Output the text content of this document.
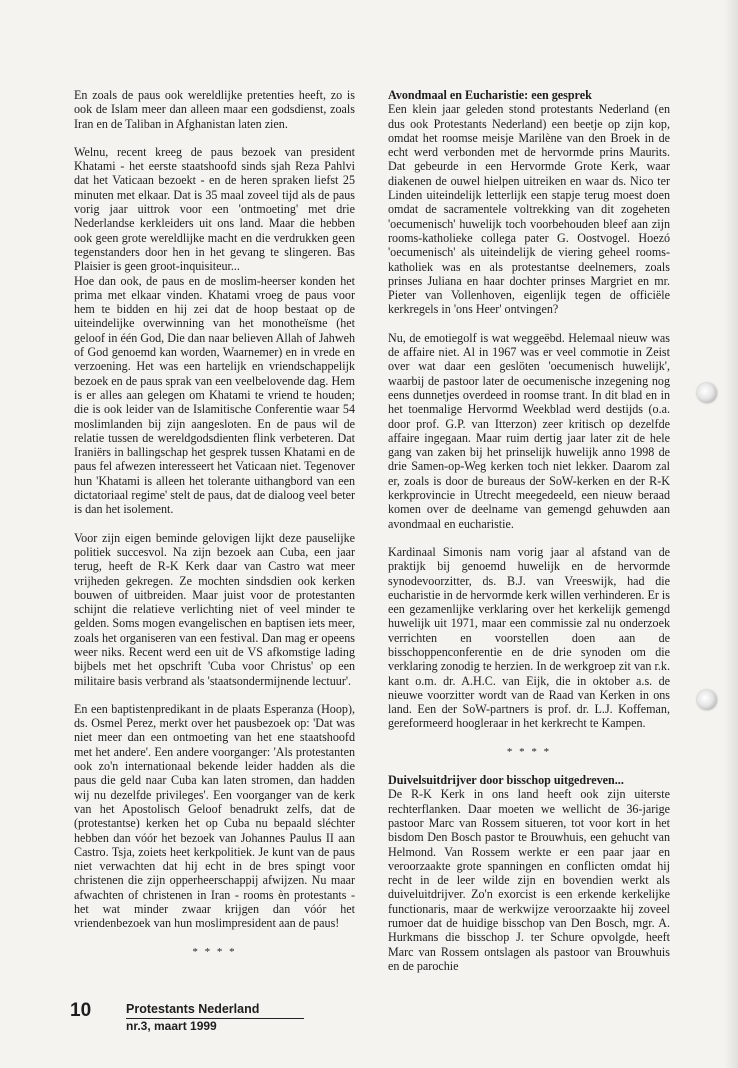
En zoals de paus ook wereldlijke pretenties heeft, zo is ook de Islam meer dan alleen maar een godsdienst, zoals Iran en de Taliban in Afghanistan laten zien.

Welnu, recent kreeg de paus bezoek van president Khatami - het eerste staatshoofd sinds sjah Reza Pahlvi dat het Vaticaan bezoekt - en de heren spraken liefst 25 minuten met elkaar. Dat is 35 maal zoveel tijd als de paus vorig jaar uittrok voor een 'ontmoeting' met drie Nederlandse kerkleiders uit ons land. Maar die hebben ook geen grote wereldlijke macht en die verdrukken geen tegenstanders door hen in het gevang te slingeren. Bas Plaisier is geen groot-inquisiteur...

Hoe dan ook, de paus en de moslim-heerser konden het prima met elkaar vinden. Khatami vroeg de paus voor hem te bidden en hij zei dat de hoop bestaat op de uiteindelijke overwinning van het monotheïsme (het geloof in één God, Die dan naar believen Allah of Jahweh of God genoemd kan worden, Waarnemer) en in vrede en verzoening. Het was een hartelijk en vriendschappelijk bezoek en de paus sprak van een veelbelovende dag. Hem is er alles aan gelegen om Khatami te vriend te houden; die is ook leider van de Islamitische Conferentie waar 54 moslimlanden bij zijn aangesloten. En de paus wil de relatie tussen de wereldgodsdienten flink verbeteren. Dat Iraniërs in ballingschap het gesprek tussen Khatami en de paus fel afwezen interesseert het Vaticaan niet. Tegenover hun 'Khatami is alleen het tolerante uithangbord van een dictatoriaal regime' stelt de paus, dat de dialoog veel beter is dan het isolement.

Voor zijn eigen beminde gelovigen lijkt deze pauselijke politiek succesvol. Na zijn bezoek aan Cuba, een jaar terug, heeft de R-K Kerk daar van Castro wat meer vrijheden gekregen. Ze mochten sindsdien ook kerken bouwen of uitbreiden. Maar juist voor de protestanten schijnt die relatieve verlichting niet of veel minder te gelden. Soms mogen evangelischen en baptisen iets meer, zoals het organiseren van een festival. Dan mag er opeens weer niks. Recent werd een uit de VS afkomstige lading bijbels met het opschrift 'Cuba voor Christus' op een militaire basis verbrand als 'staatsondermijnende lectuur'.

En een baptistenpredikant in de plaats Esperanza (Hoop), ds. Osmel Perez, merkt over het pausbezoek op: 'Dat was niet meer dan een ontmoeting van het ene staatshoofd met het andere'. Een andere voorganger: 'Als protestanten ook zo'n internationaal bekende leider hadden als die paus die geld naar Cuba kan laten stromen, dan hadden wij nu dezelfde privileges'. Een voorganger van de kerk van het Apostolisch Geloof benadrukt zelfs, dat de (protestantse) kerken het op Cuba nu bepaald sléchter hebben dan vóór het bezoek van Johannes Paulus II aan Castro. Tsja, zoiets heet kerkpolitiek. Je kunt van de paus niet verwachten dat hij echt in de bres spingt voor christenen die zijn opperheerschappij afwijzen. Nu maar afwachten of christenen in Iran - rooms èn protestants - het wat minder zwaar krijgen dan vóór het vriendenbezoek van hun moslimpresident aan de paus!

* * * *
Avondmaal en Eucharistie: een gesprek

Een klein jaar geleden stond protestants Nederland (en dus ook Protestants Nederland) een beetje op zijn kop, omdat het roomse meisje Marilène van den Broek in de echt werd verbonden met de hervormde prins Maurits. Dat gebeurde in een Hervormde Grote Kerk, waar diakenen de ouwel hielpen uitreiken en waar ds. Nico ter Linden uiteindelijk letterlijk een stapje terug moest doen omdat de sacramentele voltrekking van dit zogeheten 'oecumenisch' huwelijk toch voorbehouden bleef aan zijn rooms-katholieke collega pater G. Oostvogel. Hoezó 'oecumenisch' als uiteindelijk de viering geheel rooms-katholiek was en als protestantse deelnemers, zoals prinses Juliana en haar dochter prinses Margriet en mr. Pieter van Vollenhoven, eigenlijk tegen de officiële kerkregels in 'ons Heer' ontvingen?

Nu, de emotiegolf is wat weggeëbd. Helemaal nieuw was de affaire niet. Al in 1967 was er veel commotie in Zeist over wat daar een geslöten 'oecumenisch huwelijk', waarbij de pastoor later de oecumenische inzegening nog eens dunnetjes overdeed in roomse trant. In dit blad en in het toenmalige Hervormd Weekblad werd destijds (o.a. door prof. G.P. van Itterzon) zeer kritisch op dezelfde affaire ingegaan. Maar ruim dertig jaar later zit de hele gang van zaken bij het prinselijk huwelijk anno 1998 de drie Samen-op-Weg kerken toch niet lekker. Daarom zal er, zoals is door de bureaus der SoW-kerken en der R-K kerkprovincie in Utrecht meegedeeld, een nieuw beraad komen over de deelname van gemengd gehuwden aan avondmaal en eucharistie.

Kardinaal Simonis nam vorig jaar al afstand van de praktijk bij genoemd huwelijk en de hervormde synodevoorzitter, ds. B.J. van Vreeswijk, had die eucharistie in de hervormde kerk willen verhinderen. Er is een gezamenlijke verklaring over het kerkelijk gemengd huwelijk uit 1971, maar een commissie zal nu onderzoek verrichten en voorstellen doen aan de bisschoppenconferentie en de drie synoden om die verklaring zonodig te herzien. In de werkgroep zit van r.k. kant o.m. dr. A.H.C. van Eijk, die in oktober a.s. de nieuwe voorzitter wordt van de Raad van Kerken in ons land. Een der SoW-partners is prof. dr. L.J. Koffeman, gereformeerd hoogleraar in het kerkrecht te Kampen.

* * * *
Duivelsuitdrijver door bisschop uitgedreven...

De R-K Kerk in ons land heeft ook zijn uiterste rechterflanken. Daar moeten we wellicht de 36-jarige pastoor Marc van Rossem situeren, tot voor kort in het bisdom Den Bosch pastor te Brouwhuis, een gehucht van Helmond. Van Rossem werkte er een paar jaar en veroorzaakte grote spanningen en conflicten omdat hij recht in de leer wilde zijn en bovendien werkt als duiveluitdrijver. Zo'n exorcist is een erkende kerkelijke functionaris, maar de werkwijze veroorzaakte hij zoveel rumoer dat de huidige bisschop van Den Bosch, mgr. A. Hurkmans die bisschop J. ter Schure opvolgde, heeft Marc van Rossem ontslagen als pastoor van Brouwhuis en de parochie

10	Protestants Nederland
nr.3, maart 1999
